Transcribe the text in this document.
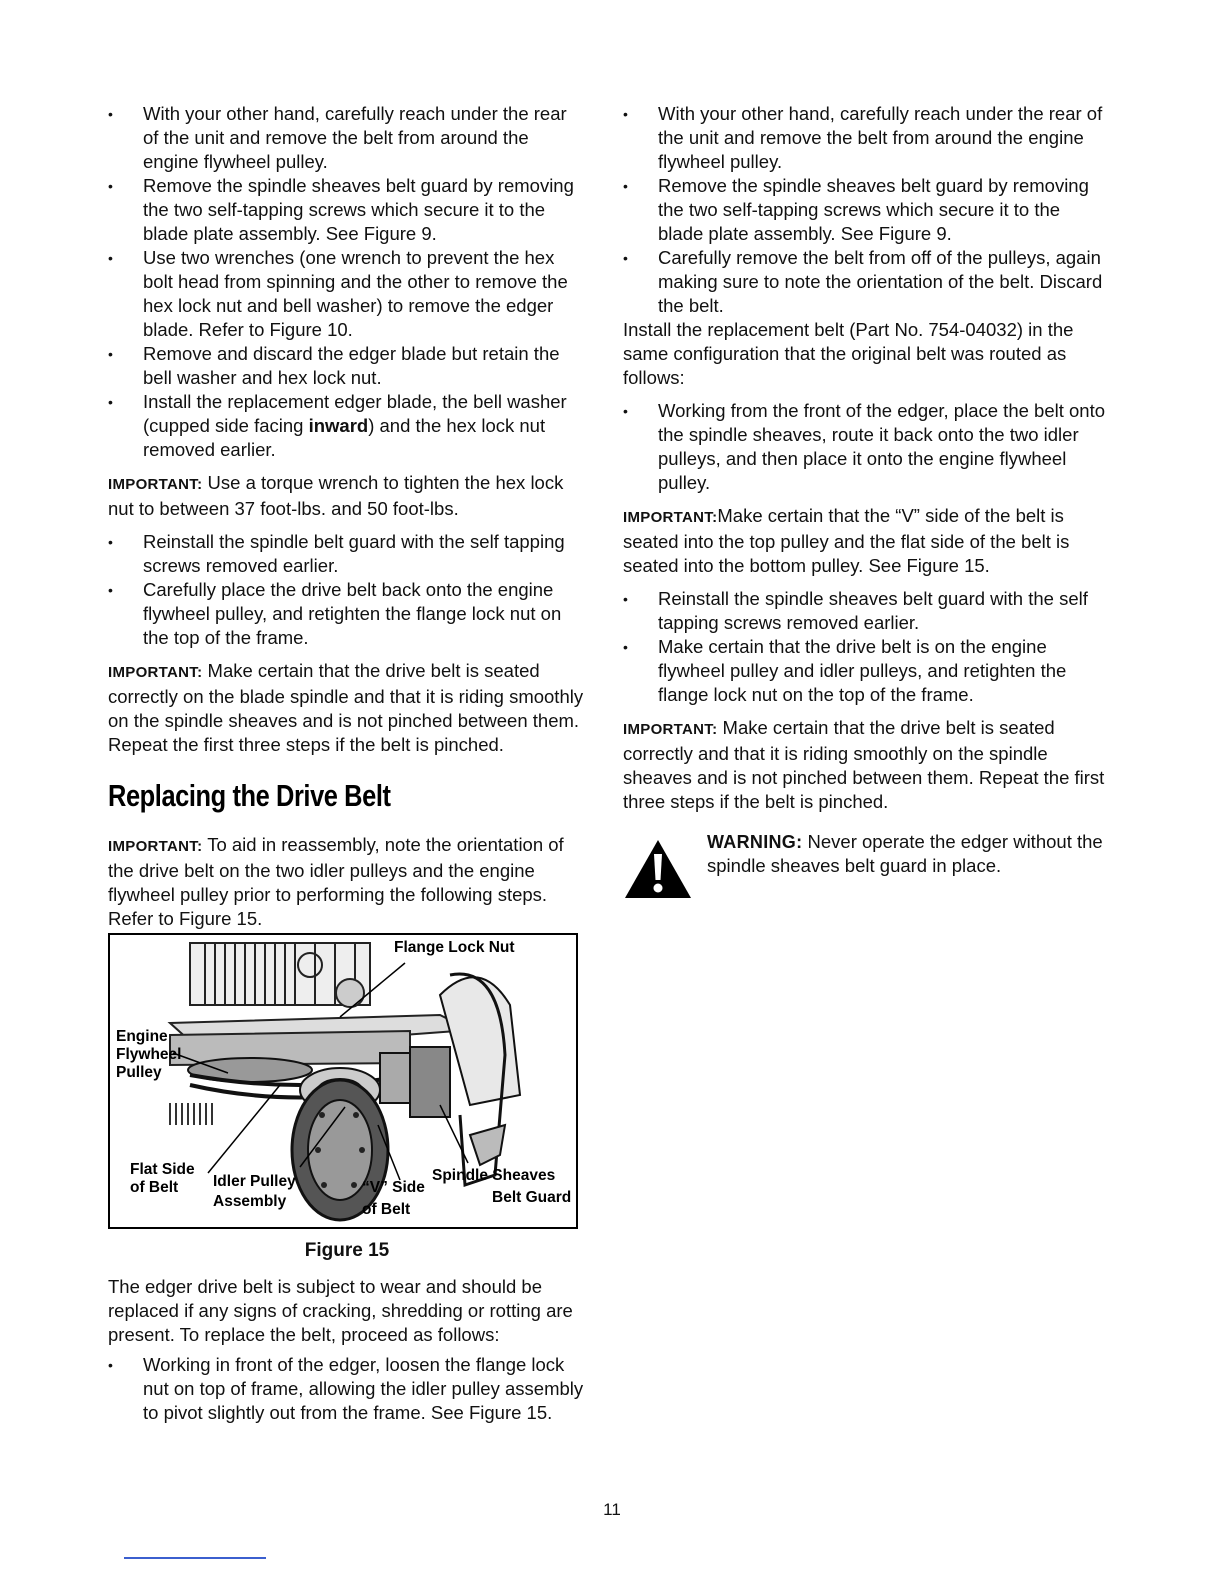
• With your other hand, carefully reach under the rear of the unit and remove the belt from around the engine flywheel pulley.
• Remove the spindle sheaves belt guard by removing the two self-tapping screws which secure it to the blade plate assembly. See Figure 9.
• Use two wrenches (one wrench to prevent the hex bolt head from spinning and the other to remove the hex lock nut and bell washer) to remove the edger blade. Refer to Figure 10.
• Remove and discard the edger blade but retain the bell washer and hex lock nut.
• Install the replacement edger blade, the bell washer (cupped side facing inward) and the hex lock nut removed earlier.

IMPORTANT: Use a torque wrench to tighten the hex lock nut to between 37 foot-lbs. and 50 foot-lbs.

• Reinstall the spindle belt guard with the self tapping screws removed earlier.
• Carefully place the drive belt back onto the engine flywheel pulley, and retighten the flange lock nut on the top of the frame.

IMPORTANT: Make certain that the drive belt is seated correctly on the blade spindle and that it is riding smoothly on the spindle sheaves and is not pinched between them. Repeat the first three steps if the belt is pinched.

Replacing the Drive Belt

IMPORTANT: To aid in reassembly, note the orientation of the drive belt on the two idler pulleys and the engine flywheel pulley prior to performing the following steps. Refer to Figure 15.

Flange Lock Nut
Engine
Flywheel
Pulley
Flat Side
of Belt Idler Pulley
Assembly
“V” Side
of Belt
Spindle Sheaves
Belt Guard
Figure 15

The edger drive belt is subject to wear and should be replaced if any signs of cracking, shredding or rotting are present. To replace the belt, proceed as follows:

• Working in front of the edger, loosen the flange lock nut on top of frame, allowing the idler pulley assembly to pivot slightly out from the frame. See Figure 15.
• With your other hand, carefully reach under the rear of the unit and remove the belt from around the engine flywheel pulley.
• Remove the spindle sheaves belt guard by removing the two self-tapping screws which secure it to the blade plate assembly. See Figure 9.
• Carefully remove the belt from off of the pulleys, again making sure to note the orientation of the belt. Discard the belt.

Install the replacement belt (Part No. 754-04032) in the same configuration that the original belt was routed as follows:

• Working from the front of the edger, place the belt onto the spindle sheaves, route it back onto the two idler pulleys, and then place it onto the engine flywheel pulley.

IMPORTANT:Make certain that the “V” side of the belt is seated into the top pulley and the flat side of the belt is seated into the bottom pulley. See Figure 15.

• Reinstall the spindle sheaves belt guard with the self tapping screws removed earlier.
• Make certain that the drive belt is on the engine flywheel pulley and idler pulleys, and retighten the flange lock nut on the top of the frame.

IMPORTANT: Make certain that the drive belt is seated correctly and that it is riding smoothly on the spindle sheaves and is not pinched between them. Repeat the first three steps if the belt is pinched.

WARNING: Never operate the edger without the spindle sheaves belt guard in place.

11
